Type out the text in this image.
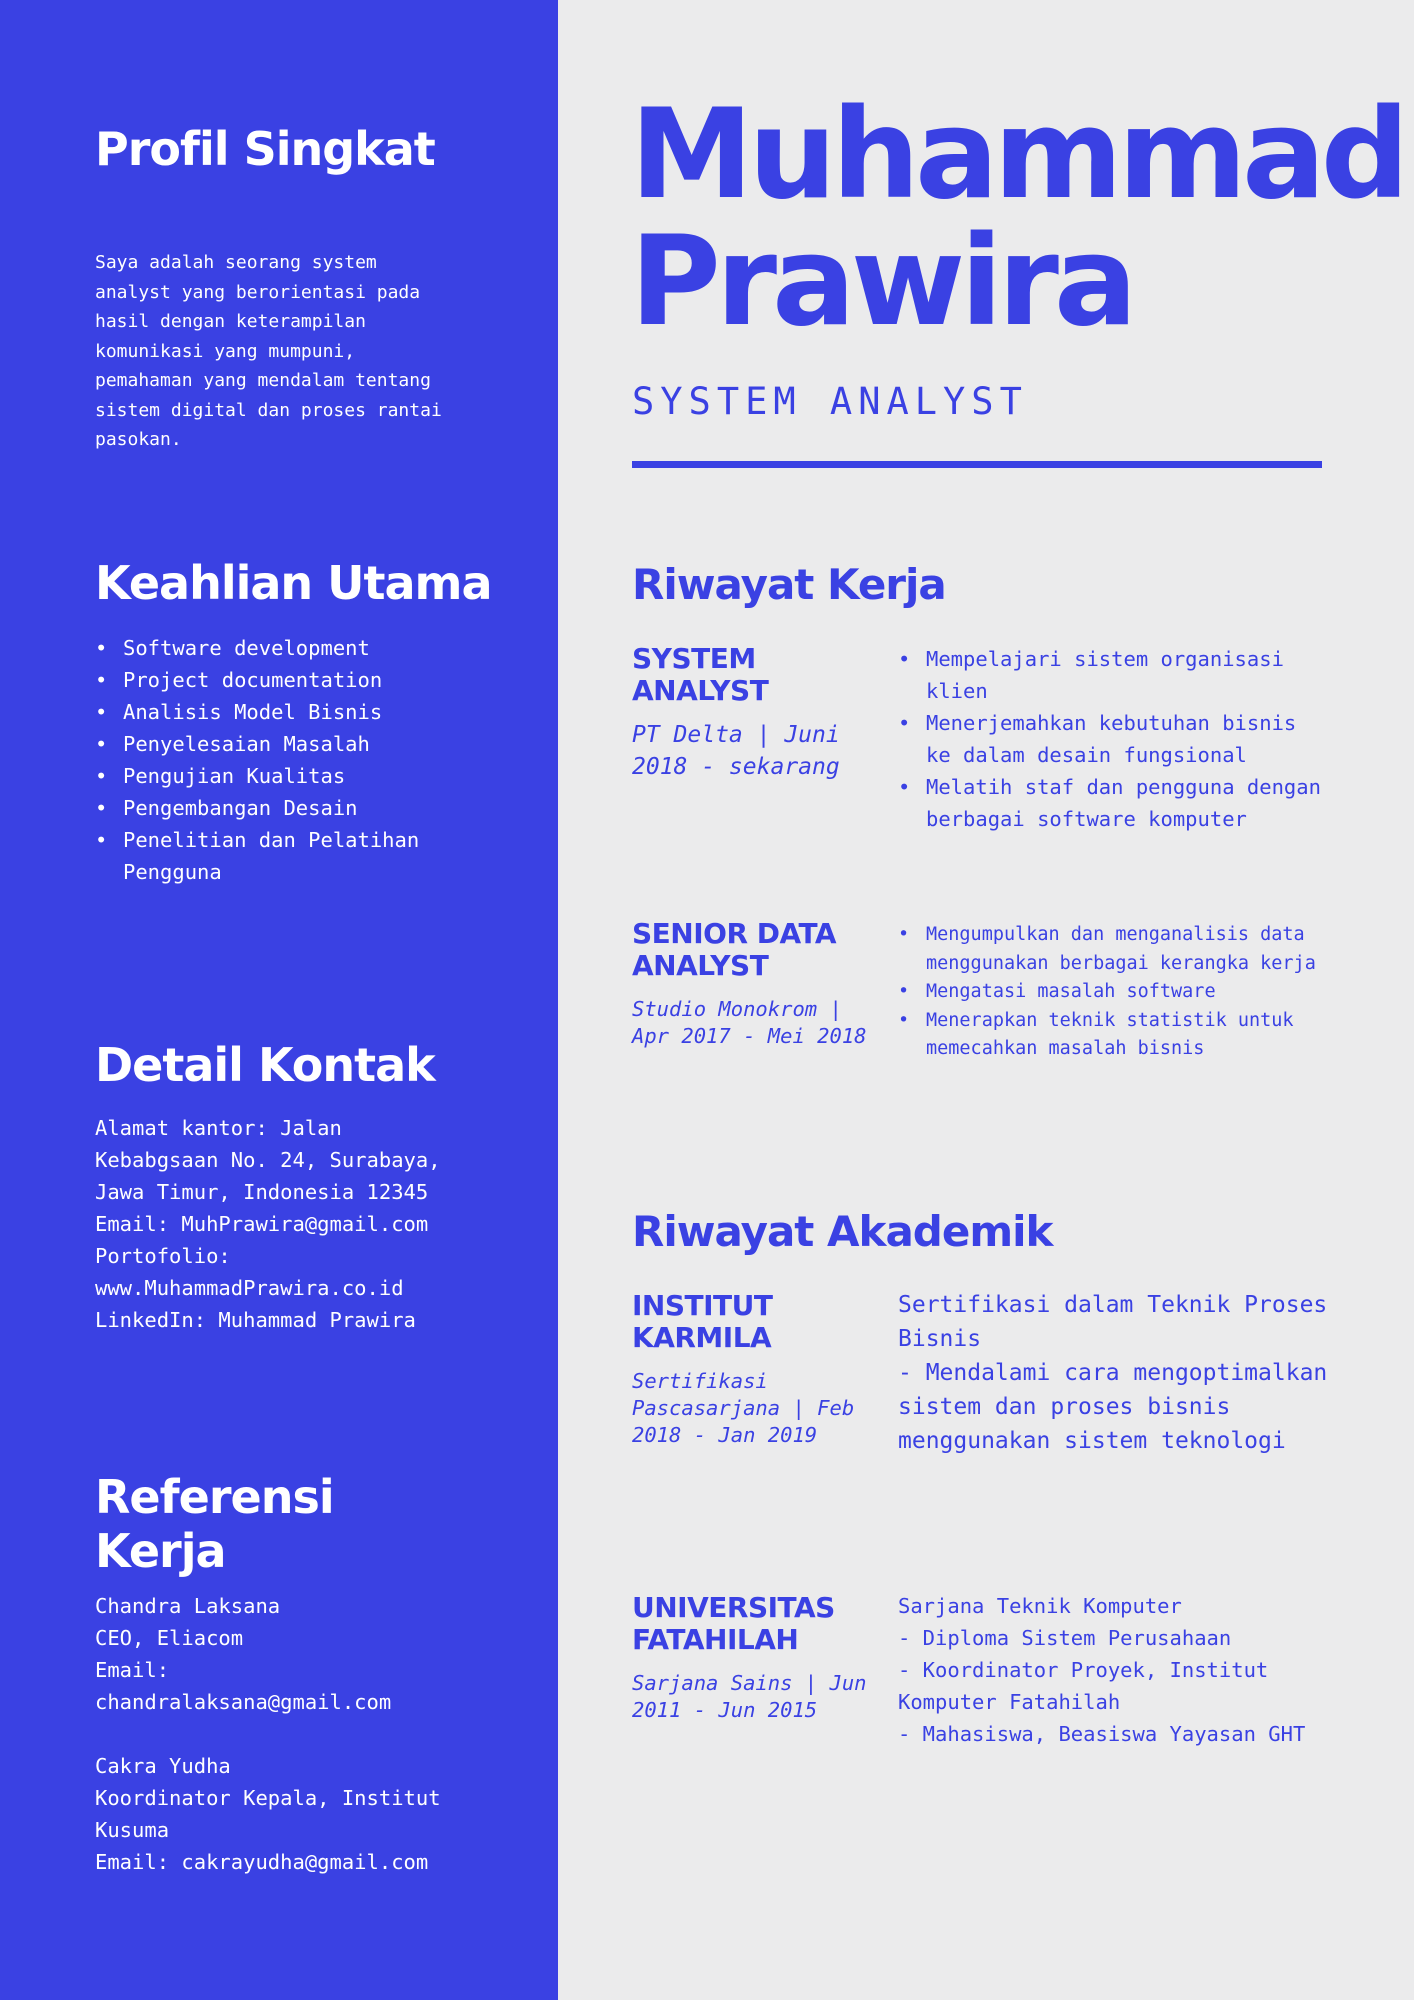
Profil Singkat

Saya adalah seorang system analyst yang berorientasi pada hasil dengan keterampilan komunikasi yang mumpuni, pemahaman yang mendalam tentang sistem digital dan proses rantai pasokan.

Keahlian Utama
• Software development
• Project documentation
• Analisis Model Bisnis
• Penyelesaian Masalah
• Pengujian Kualitas
• Pengembangan Desain
• Penelitian dan Pelatihan Pengguna
Detail Kontak
Alamat kantor: Jalan Kebabgsaan No. 24, Surabaya, Jawa Timur, Indonesia 12345
Email: MuhPrawira@gmail.com
Portofolio:
www.MuhammadPrawira.co.id
LinkedIn: Muhammad Prawira
Referensi Kerja
Chandra Laksana
CEO, Eliacom
Email:
chandralaksana@gmail.com
Cakra Yudha
Koordinator Kepala, Institut Kusuma
Email: cakrayudha@gmail.com
Muhammad
Prawira
SYSTEM ANALYST
Riwayat Kerja
SYSTEM ANALYST
PT Delta | Juni 2018 - sekarang
• Mempelajari sistem organisasi klien
• Menerjemahkan kebutuhan bisnis ke dalam desain fungsional
• Melatih staf dan pengguna dengan berbagai software komputer
SENIOR DATA ANALYST
Studio Monokrom | Apr 2017 - Mei 2018
• Mengumpulkan dan menganalisis data menggunakan berbagai kerangka kerja
• Mengatasi masalah software
• Menerapkan teknik statistik untuk memecahkan masalah bisnis
Riwayat Akademik
INSTITUT KARMILA
Sertifikasi Pascasarjana | Feb 2018 - Jan 2019
Sertifikasi dalam Teknik Proses Bisnis
- Mendalami cara mengoptimalkan sistem dan proses bisnis menggunakan sistem teknologi
UNIVERSITAS FATAHILAH
Sarjana Sains | Jun 2011 - Jun 2015
Sarjana Teknik Komputer
- Diploma Sistem Perusahaan
- Koordinator Proyek, Institut Komputer Fatahilah
- Mahasiswa, Beasiswa Yayasan GHT
